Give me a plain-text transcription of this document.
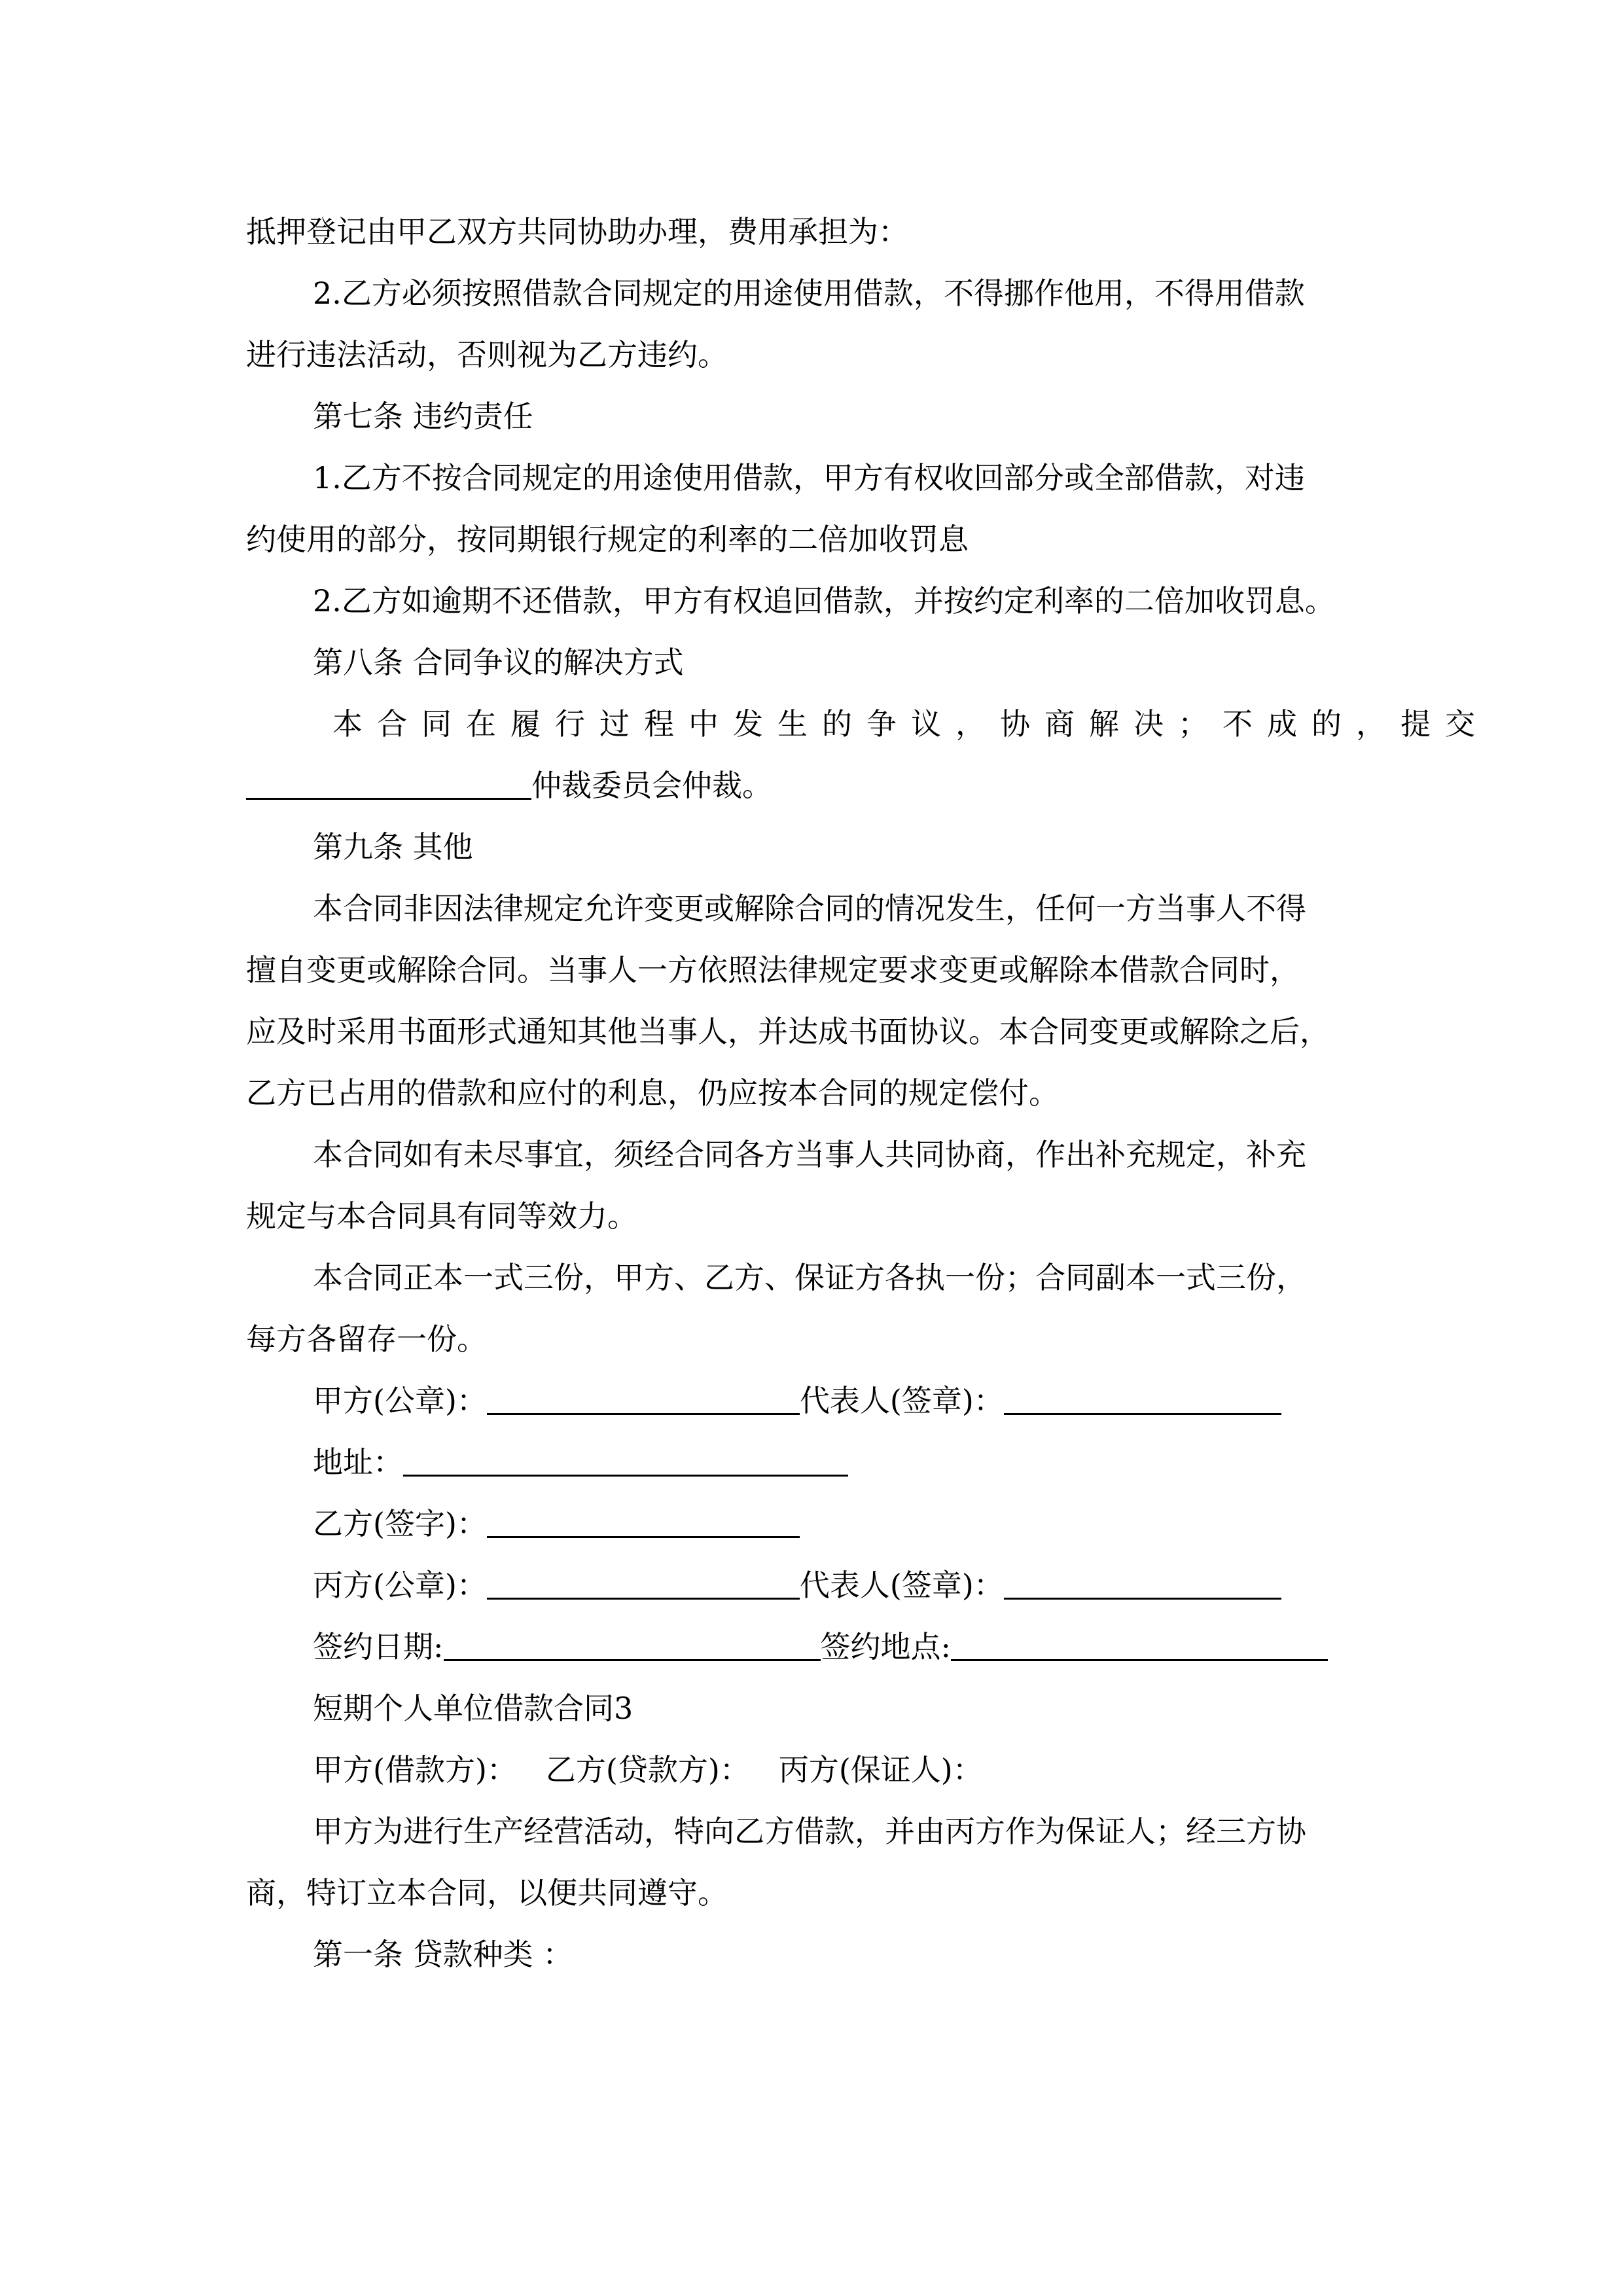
抵押登记由甲乙双方共同协助办理，费用承担为：
2.乙方必须按照借款合同规定的用途使用借款，不得挪作他用，不得用借款
进行违法活动，否则视为乙方违约。
第七条 违约责任
1.乙方不按合同规定的用途使用借款，甲方有权收回部分或全部借款，对违
约使用的部分，按同期银行规定的利率的二倍加收罚息
2.乙方如逾期不还借款，甲方有权追回借款，并按约定利率的二倍加收罚息。
第八条 合同争议的解决方式
本合同在履行过程中发生的争议，协商解决；不成的，提交
仲裁委员会仲裁。
第九条 其他
本合同非因法律规定允许变更或解除合同的情况发生，任何一方当事人不得
擅自变更或解除合同。当事人一方依照法律规定要求变更或解除本借款合同时，
应及时采用书面形式通知其他当事人，并达成书面协议。本合同变更或解除之后，
乙方已占用的借款和应付的利息，仍应按本合同的规定偿付。
本合同如有未尽事宜，须经合同各方当事人共同协商，作出补充规定，补充
规定与本合同具有同等效力。
本合同正本一式三份，甲方、乙方、保证方各执一份；合同副本一式三份，
每方各留存一份。
甲方(公章)：	代表人(签章)：
地址：
乙方(签字)：
丙方(公章)：	代表人(签章)：
签约日期:	签约地点:
短期个人单位借款合同3
甲方(借款方)： 乙方(贷款方)： 丙方(保证人)：
甲方为进行生产经营活动，特向乙方借款，并由丙方作为保证人；经三方协
商，特订立本合同，以便共同遵守。
第一条 贷款种类 ：
